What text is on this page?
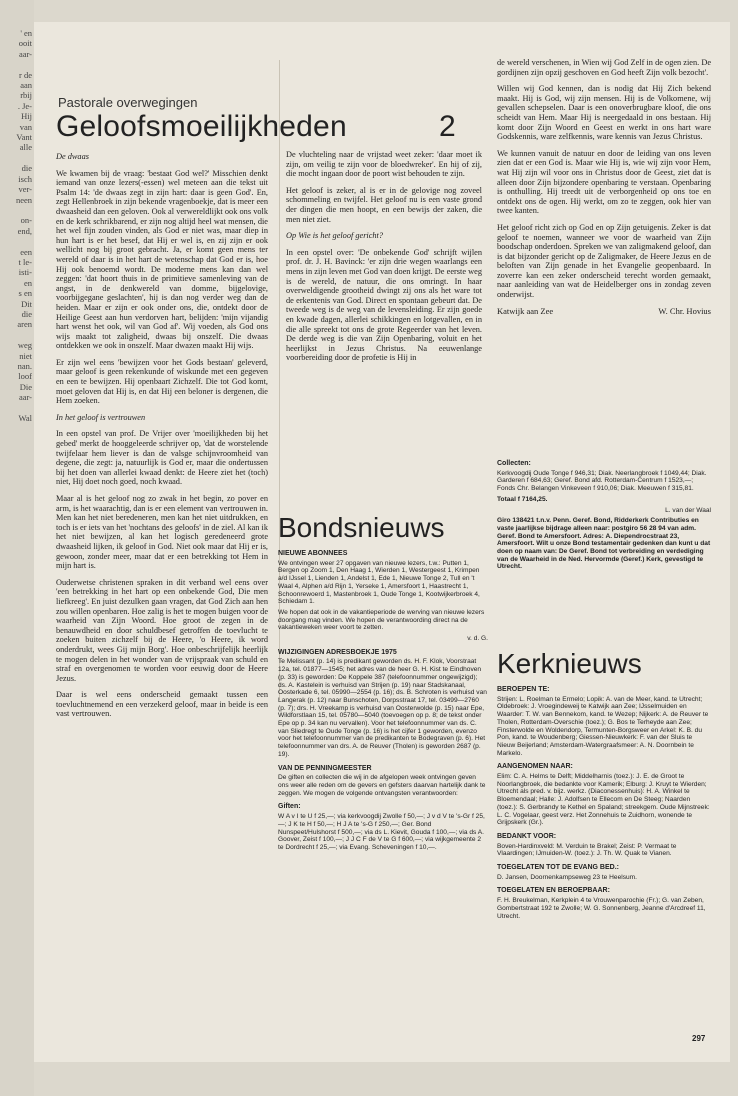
' en
ooit
aar-

r de
aan
rbij
. Je-
Hij
van
Vant
alle

die
isch
ver-
neen

on-
end,

een
t le-
isti-
en
s en
Dit
die
aren

weg
niet
nan.
loof
Die
aar-

Wal
Pastorale overwegingen
Geloofsmoeilijkheden	2

De dwaas

We kwamen bij de vraag: 'bestaat God wel?' Misschien denkt iemand van onze lezers(-essen) wel meteen aan die tekst uit Psalm 14: 'de dwaas zegt in zijn hart: daar is geen God'. En, zegt Hellenbroek in zijn bekende vragenboekje, dat is meer een dwaasheid dan een geloven. Ook al verwereldlijkt ook ons volk en de kerk schrikbarend, er zijn nog altijd heel wat mensen, die het wel fijn zouden vinden, als God er niet was, maar diep in hun hart is er het besef, dat Hij er wel is, en zij zijn er ook wellicht nog bij groot gebracht. Ja, er komt geen mens ter wereld of daar is in het hart de wetenschap dat God er is, hoe Hij ook benoemd wordt. De moderne mens kan dan wel zeggen: 'dat hoort thuis in de primitieve samenleving van de angst, in de denkwereld van domme, bijgelovige, voorbijgegane geslachten', hij is dan nog verder weg dan de heiden. Maar er zijn er ook onder ons, die, ontdekt door de Heilige Geest aan hun verdorven hart, belijden: 'mijn vijandig hart wenst het ook, wil van God af'. Wij voeden, als God ons wijs maakt tot zaligheid, dwaas bij onszelf. Die dwaas ontdekken we ook in onszelf. Maar dwazen maakt Hij wijs.

Er zijn wel eens 'bewijzen voor het Gods bestaan' geleverd, maar geloof is geen rekenkunde of wiskunde met een gegeven en een te bewijzen. Hij openbaart Zichzelf. Die tot God komt, moet geloven dat Hij is, en dat Hij een beloner is dergenen, die Hem zoeken.

In het geloof is vertrouwen

In een opstel van prof. De Vrijer over 'moeilijkheden bij het gebed' merkt de hooggeleerde schrijver op, 'dat de worstelende twijfelaar hem liever is dan de valsge schijnvroomheid van degene, die zegt: ja, natuurlijk is God er, maar die ondertussen bij het doen van allerlei kwaad denkt: de Heere ziet het (toch) niet, Hij doet noch goed, noch kwaad.

Maar al is het geloof nog zo zwak in het begin, zo pover en arm, is het waarachtig, dan is er een element van vertrouwen in. Men kan het niet beredeneren, men kan het niet uitdrukken, en toch is er iets van het 'nochtans des geloofs' in de ziel. Al kan ik het niet bewijzen, al kan het logisch geredeneerd grote dwaasheid lijken, ik geloof in God. Niet ook maar dat Hij er is, gewoon, zonder meer, maar dat er een betrekking tot Hem in mijn hart is.

Ouderwetse christenen spraken in dit verband wel eens over 'een betrekking in het hart op een onbekende God, Die men liefkreeg'. En juist dezulken gaan vragen, dat God Zich aan hen zou willen openbaren. Hoe zalig is het te mogen buigen voor de waarheid van Zijn Woord. Hoe groot de zegen in de benauwdheid en door schuldbesef getroffen de toevlucht te zoeken buiten zichzelf bij de Heere, 'o Heere, ik word onderdrukt, wees Gij mijn Borg'. Hoe onbeschrijfelijk heerlijk te mogen delen in het wonder van de vrijspraak van schuld en straf en overgenomen te worden voor eeuwig door de Heere Jezus.

Daar is wel eens onderscheid gemaakt tussen een toevluchtnemend en een verzekerd geloof, maar in beide is een vast vertrouwen.

De vluchteling naar de vrijstad weet zeker: 'daar moet ik zijn, om veilig te zijn voor de bloedwreker'. En hij of zij, die mocht ingaan door de poort wist behouden te zijn.

Het geloof is zeker, al is er in de gelovige nog zoveel schommeling en twijfel. Het geloof nu is een vaste grond der dingen die men hoopt, en een bewijs der zaken, die men niet ziet.

Op Wie is het geloof gericht?

In een opstel over: 'De onbekende God' schrijft wijlen prof. dr. J. H. Bavinck: 'er zijn drie wegen waarlangs een mens in zijn leven met God van doen krijgt. De eerste weg is de wereld, de natuur, die ons omringt. In haar overweldigende grootheid dwingt zij ons als het ware tot de erkentenis van God. Direct en spontaan gebeurt dat. De tweede weg is de weg van de levensleiding. Er zijn goede en kwade dagen, allerlei schikkingen en lotgevallen, en in die alle spreekt tot ons de grote Regeerder van het leven. De derde weg is die van Zijn Openbaring, voluit en het heerlijkst in Jezus Christus. Na eeuwenlange voorbereiding door de profetie is Hij in

de wereld verschenen, in Wien wij God Zelf in de ogen zien. De gordijnen zijn opzij geschoven en God heeft Zijn volk bezocht'.

Willen wij God kennen, dan is nodig dat Hij Zich bekend maakt. Hij is God, wij zijn mensen. Hij is de Volkomene, wij gevallen schepselen. Daar is een onoverbrugbare kloof, die ons scheidt van Hem. Maar Hij is neergedaald in ons bestaan. Hij komt door Zijn Woord en Geest en werkt in ons hart ware Godskennis, ware zelfkennis, ware kennis van Jezus Christus.

We kunnen vanuit de natuur en door de leiding van ons leven zien dat er een God is. Maar wie Hij is, wie wij zijn voor Hem, wat Hij zijn wil voor ons in Christus door de Geest, ziet dat is alleen door Zijn bijzondere openbaring te verstaan. Openbaring is onthulling. Hij treedt uit de verborgenheid op ons toe en ontdekt ons de ogen. Hij werkt, om zo te zeggen, ook hier van twee kanten.

Het geloof richt zich op God en op Zijn getuigenis. Zeker is dat geloof te noemen, wanneer we voor de waarheid van Zijn boodschap onderdoen. Spreken we van zaligmakend geloof, dan is dat bijzonder gericht op de Zaligmaker, de Heere Jezus en de beloften van Zijn genade in het Evangelie geopenbaard. In zoverre kan een zeker onderscheid terecht worden gemaakt, naar aanleiding van wat de Heidelberger ons in zondag zeven onderwijst.

Katwijk aan Zee	W. Chr. Hovius
Bondsnieuws
NIEUWE ABONNEES

We ontvingen weer 27 opgaven van nieuwe lezers, t.w.: Putten 1, Bergen op Zoom 1, Den Haag 1, Wierden 1, Westergeest 1, Krimpen a/d IJssel 1, Lienden 1, Andelst 1, Ede 1, Nieuwe Tonge 2, Tull en 't Waal 4, Alphen a/d Rijn 1, Yerseke 1, Amersfoort 1, Haastrecht 1, Schoonrewoerd 1, Mastenbroek 1, Oude Tonge 1, Kootwijkerbroek 4, Schiedam 1.

We hopen dat ook in de vakantieperiode de werving van nieuwe lezers doorgang mag vinden. We hopen de verantwoording direct na de vakantieweken weer voort te zetten.

v. d. G.

WIJZIGINGEN ADRESBOEKJE 1975

Te Melissant (p. 14) is predikant geworden ds. H. F. Klok, Voorstraat 12a, tel. 01877—1545; het adres van de heer G. H. Kist te Eindhoven (p. 33) is geworden: De Koppele 387 (telefoonnummer ongewijzigd); ds. A. Kastelein is verhuisd van Strijen (p. 19) naar Stadskanaal, Oosterkade 6, tel. 05990—2554 (p. 16); ds. B. Schroten is verhuisd van Langerak (p. 12) naar Bunschoten, Dorpsstraat 17, tel. 03499—2760 (p. 7); drs. H. Vreekamp is verhuisd van Oosterwolde (p. 15) naar Epe, Wildforstlaan 15, tel. 05780—5040 (toevoegen op p. 8; de tekst onder Epe op p. 34 kan nu vervallen). Voor het telefoonnummer van ds. C. van Sliedregt te Oude Tonge (p. 16) is het cijfer 1 geworden, evenzo voor het telefoonnummer van de predikanten te Bodegraven (p. 6). Het telefoonnummer van drs. A. de Reuver (Tholen) is geworden 2687 (p. 19).

VAN DE PENNINGMEESTER

De giften en collecten die wij in de afgelopen week ontvingen geven ons weer alle reden om de gevers en gefsters daarvan hartelijk dank te zeggen. We mogen de volgende ontvangsten verantwoorden:

Giften:

W A v I te U f 25,—; via kerkvoogdij Zwolle f 50,—; J v d V te 's-Gr f 25,—; J K te H f 50,—; H J A te 's-G f 250,—; Ger. Bond Nunspeet/Hulshorst f 500,—; via ds L. Kievit, Gouda f 100,—; via ds A. Goover, Zeist f 100,—; J J C F de V te G f 600,—; via wijkgemeente 2 te Dordrecht f 25,—; via Evang. Scheveningen f 10,—.

Collecten:

Kerkvoogdij Oude Tonge f 946,31; Diak. Neerlangbroek f 1049,44; Diak. Garderen f 684,63; Geref. Bond afd. Rotterdam-Centrum f 1523,—; Fonds Chr. Belangen Vinkeveen f 910,06; Diak. Meeuwen f 315,81.

Totaal f 7164,25.

L. van der Waal

Giro 138421 t.n.v. Penn. Geref. Bond, Ridderkerk Contributies en vaste jaarlijkse bijdrage alleen naar: postgiro 56 28 94 van adm. Geref. Bond te Amersfoort. Adres: A. Diependrocstraat 23, Amersfoort. Wilt u onze Bond testamentair gedenken dan kunt u dat doen op naam van: De Geref. Bond tot verbreiding en verdediging van de Waarheid in de Ned. Hervormde (Geref.) Kerk, gevestigd te Utrecht.

Kerknieuws
BEROEPEN TE:

Strijen: L. Roelman te Ermelo; Lopik: A. van de Meer, kand. te Utrecht; Oldebroek: J. Vroegindeweij te Katwijk aan Zee; IJsselmuiden en Waarder: T. W. van Bennekom, kand. te Wezep; Nijkerk: A. de Reuver te Tholen, Rotterdam-Overschie (toez.); G. Bos te Terheyde aan Zee; Finsterwolde en Woldendorp, Termunten-Borgsweer en Arkel: K. B. du Pon, kand. te Woudenberg; Giessen-Nieuwkerk: F. van der Sluis te Nieuw Beijerland; Amsterdam-Watergraafsmeer: A. N. Doornbein te Markelo.

AANGENOMEN NAAR:

Elim: C. A. Helms te Delft; Middelharnis (toez.): J. E. de Groot te Noorlangbroek, die bedankte voor Kamerik; Elburg: J. Kruyt te Wierden; Utrecht als pred. v. bijz. werkz. (Diaconessenhuis): H. A. Winkel te Bloemendaal; Halle: J. Adolfsen te Ellecom en De Steeg; Naarden (toez.): S. Gerbrandy te Kethel en Spaland; streekgem. Oude Mijnstreek: L. C. Vogelaar, geest verz. Het Zonnehuis te Zuidhorn, wonende te Grijpskerk (Gr.).

BEDANKT VOOR:

Boven-Hardinxveld: M. Verduin te Brakel; Zeist: P. Vermaat te Vlaardingen; IJmuiden-W. (toez.): J. Th. W. Quak te Vianen.

TOEGELATEN TOT DE EVANG BED.:

D. Jansen, Doornenkampseweg 23 te Heelsum.

TOEGELATEN EN BEROEPBAAR:

F. H. Breukelman, Kerkplein 4 te Vrouwenparochie (Fr.); G. van Zeben, Gombertstraat 192 te Zwolle; W. G. Sonnenberg, Jeanne d'Arcdreef 11, Utrecht.

297
